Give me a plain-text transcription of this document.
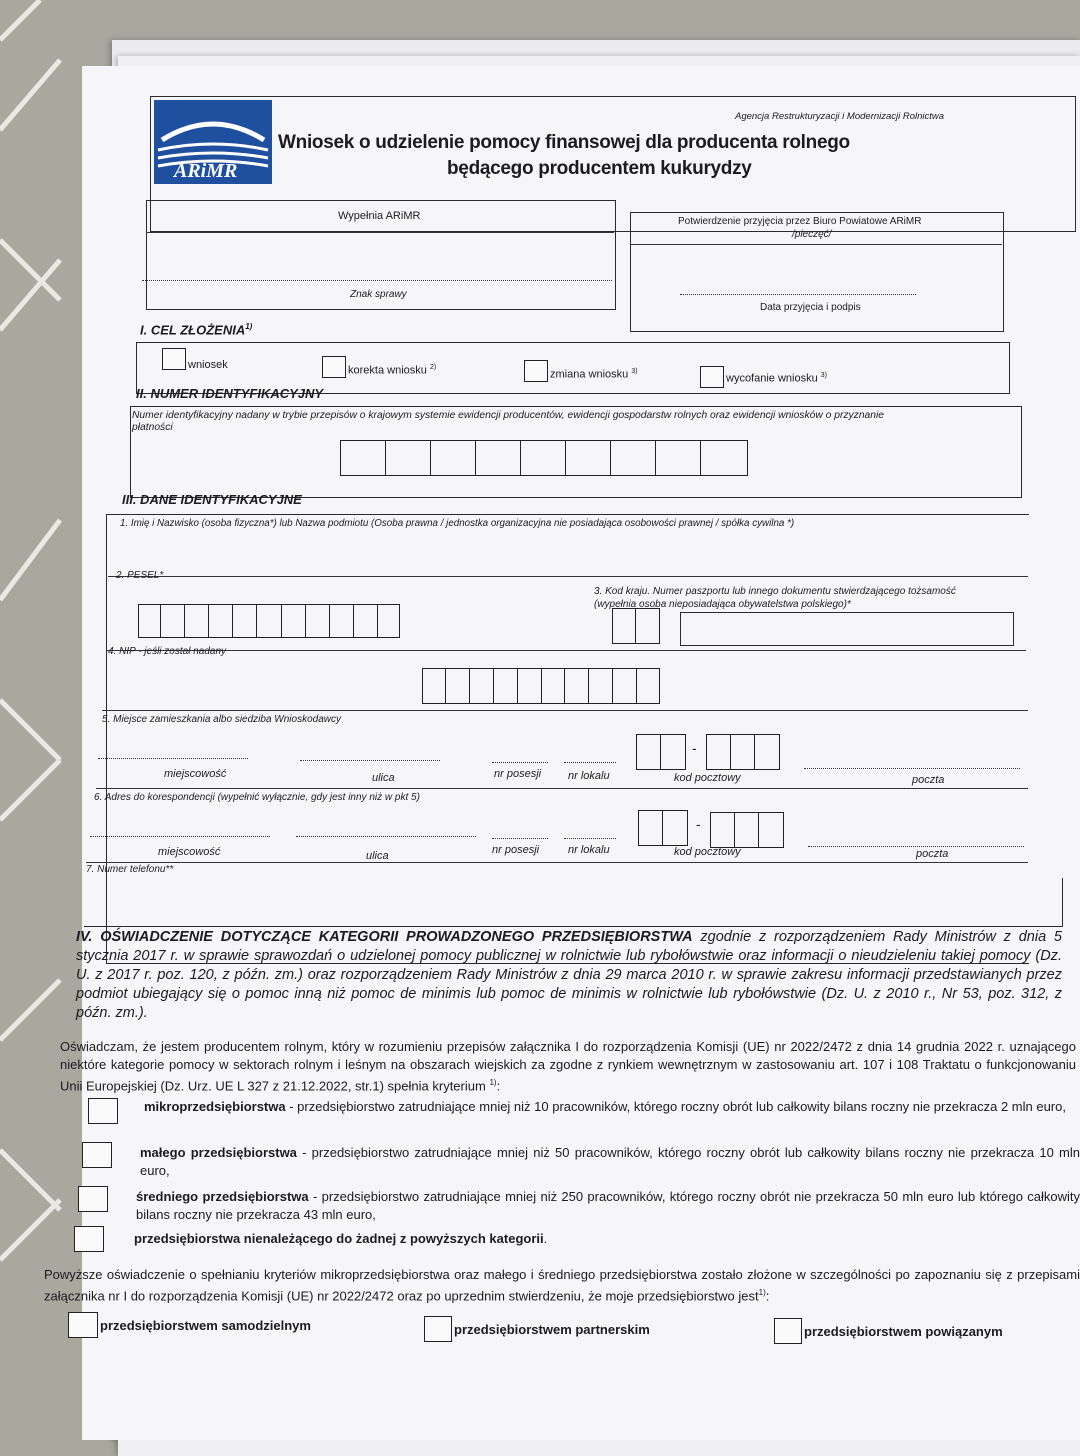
ARiMR
Agencja Restrukturyzacji i Modernizacji Rolnictwa
Wniosek o udzielenie pomocy finansowej dla producenta rolnego
będącego producentem kukurydzy
Wypełnia ARiMR
Znak sprawy
Potwierdzenie przyjęcia przez Biuro Powiatowe ARiMR
/pieczęć/
Data przyjęcia i podpis
I. CEL ZŁOŻENIA$^{1)}$
wniosek	korekta wniosku $^{2)}$
zmiana wniosku $^{3)}$
wycofanie wniosku $^{3)}$
II. NUMER IDENTYFIKACYJNY
Numer identyfikacyjny nadany w trybie przepisów o krajowym systemie ewidencji producentów, ewidencji gospodarstw rolnych oraz ewidencji wniosków o przyznanie
płatności
III. DANE IDENTYFIKACYJNE
1. Imię i Nazwisko (osoba fizyczna*) lub Nazwa podmiotu (Osoba prawna / jednostka organizacyjna nie posiadająca osobowości prawnej / spółka cywilna *)
2. PESEL*
3. Kod kraju. Numer paszportu lub innego dokumentu stwierdzającego tożsamość
(wypełnia osoba nieposiadająca obywatelstwa polskiego)*
4. NIP - jeśli został nadany
5. Miejsce zamieszkania albo siedziba Wnioskodawcy
-
miejscowość	ulica	nr posesji nr lokalu	kod pocztowy	poczta
6. Adres do korespondencji (wypełnić wyłącznie, gdy jest inny niż w pkt 5)
-
miejscowość	ulica	nr posesji	nr lokalu	kod pocztowy	poczta
7. Numer telefonu**
IV. OŚWIADCZENIE DOTYCZĄCE KATEGORII PROWADZONEGO PRZEDSIĘBIORSTWA zgodnie z rozporządzeniem Rady Ministrów z dnia 5 stycznia 2017 r. w sprawie sprawozdań o udzielonej pomocy publicznej w rolnictwie lub rybołówstwie oraz informacji o nieudzieleniu takiej pomocy (Dz. U. z 2017 r. poz. 120, z późn. zm.) oraz rozporządzeniem Rady Ministrów z dnia 29 marca 2010 r. w sprawie zakresu informacji przedstawianych przez podmiot ubiegający się o pomoc inną niż pomoc de minimis lub pomoc de minimis w rolnictwie lub rybołówstwie (Dz. U. z 2010 r., Nr 53, poz. 312, z późn. zm.).
Oświadczam, że jestem producentem rolnym, który w rozumieniu przepisów załącznika I do rozporządzenia Komisji (UE) nr 2022/2472 z dnia 14 grudnia 2022 r. uznającego niektóre kategorie pomocy w sektorach rolnym i leśnym na obszarach wiejskich za zgodne z rynkiem wewnętrznym w zastosowaniu art. 107 i 108 Traktatu o funkcjonowaniu Unii Europejskiej (Dz. Urz. UE L 327 z 21.12.2022, str.1) spełnia kryterium $^{1)}$:
mikroprzedsiębiorstwa - przedsiębiorstwo zatrudniające mniej niż 10 pracowników, którego roczny obrót lub całkowity bilans roczny nie przekracza 2 mln euro,
małego przedsiębiorstwa - przedsiębiorstwo zatrudniające mniej niż 50 pracowników, którego roczny obrót lub całkowity bilans roczny nie przekracza 10 mln euro,
średniego przedsiębiorstwa - przedsiębiorstwo zatrudniające mniej niż 250 pracowników, którego roczny obrót nie przekracza 50 mln euro lub którego całkowity bilans roczny nie przekracza 43 mln euro,
przedsiębiorstwa nienależącego do żadnej z powyższych kategorii.
Powyższe oświadczenie o spełnianiu kryteriów mikroprzedsiębiorstwa oraz małego i średniego przedsiębiorstwa zostało złożone w szczególności po zapoznaniu się z przepisami załącznika nr I do rozporządzenia Komisji (UE) nr 2022/2472 oraz po uprzednim stwierdzeniu, że moje przedsiębiorstwo jest$^{1)}$:
przedsiębiorstwem samodzielnym	przedsiębiorstwem partnerskim	przedsiębiorstwem powiązanym
